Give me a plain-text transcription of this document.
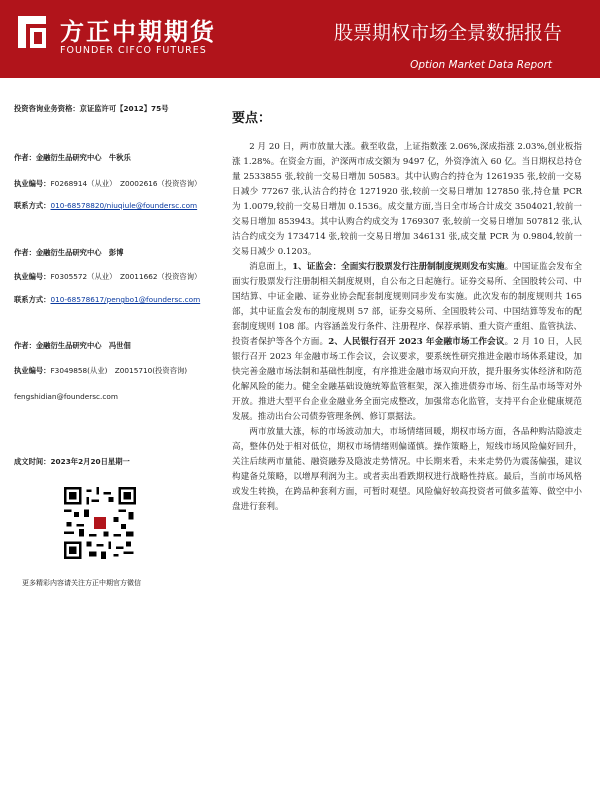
方正中期期货
FOUNDER CIFCO FUTURES
股票期权市场全景数据报告
Option Market Data Report
投资咨询业务资格：京证监许可【2012】75号
作者：金融衍生品研究中心　牛秋乐
执业编号：F0268914（从业）　Z0002616（投资咨询）
联系方式：010-68578820/niuqiule@foundersc.com
作者：金融衍生品研究中心　彭博
执业编号：F0305572（从业）　Z0011662（投资咨询）
联系方式：010-68578617/pengbo1@foundersc.com
作者：金融衍生品研究中心　冯世佃
执业编号：F3049858(从业)　Z0015710(投资咨询)
fengshidian@foundersc.com
成文时间：2023年2月20日星期一
更多精彩内容请关注方正中期官方微信
要点：

2 月 20 日，两市放量大涨。截至收盘，上证指数涨 2.06%,深成指涨 2.03%,创业板指涨 1.28%。在资金方面，沪深两市成交额为 9497 亿，外资净流入 60 亿。当日期权总持仓量 2533855 张,较前一交易日增加 50583。其中认购合约持仓为 1261935 张,较前一交易日减少 77267 张,认沽合约持仓 1271920 张,较前一交易日增加 127850 张,持仓量 PCR 为 1.0079,较前一交易日增加 0.1536。成交量方面,当日全市场合计成交 3504021,较前一交易日增加 853943。其中认购合约成交为 1769307 张,较前一交易日增加 507812 张,认沽合约成交为 1734714 张,较前一交易日增加 346131 张,成交量 PCR 为 0.9804,较前一交易日减少 0.1203。

消息面上，1、证监会：全面实行股票发行注册制制度规则发布实施。中国证监会发布全面实行股票发行注册制相关制度规则，自公布之日起施行。证券交易所、全国股转公司、中国结算、中证金融、证券业协会配套制度规则同步发布实施。此次发布的制度规则共 165 部，其中证监会发布的制度规则 57 部，证券交易所、全国股转公司、中国结算等发布的配套制度规则 108 部。内容涵盖发行条件、注册程序、保荐承销、重大资产重组、监管执法、投资者保护等各个方面。2、人民银行召开 2023 年金融市场工作会议。2 月 10 日，人民银行召开 2023 年金融市场工作会议，会议要求，要系统性研究推进金融市场体系建设，加快完善金融市场法制和基础性制度，有序推进金融市场双向开放，提升服务实体经济和防范化解风险的能力。健全金融基础设施统筹监管框架，深入推进债券市场、衍生品市场等对外开放。推进大型平台企业金融业务全面完成整改，加强常态化监管，支持平台企业健康规范发展。推动出台公司债券管理条例、修订票据法。

两市放量大涨，标的市场波动加大，市场情绪回暖，期权市场方面，各品种购沽隐波走高，整体仍处于相对低位，期权市场情绪则偏谨慎。操作策略上，短线市场风险偏好回升，关注后续两市量能、融资融券及隐波走势情况。中长期来看，未来走势仍为震荡偏强，建议构建备兑策略，以增厚利润为主。或者卖出看跌期权进行战略性持底。最后，当前市场风格或发生转换，在跨品种套利方面，可暂时观望。风险偏好较高投资者可做多蓝筹、做空中小盘进行套利。
